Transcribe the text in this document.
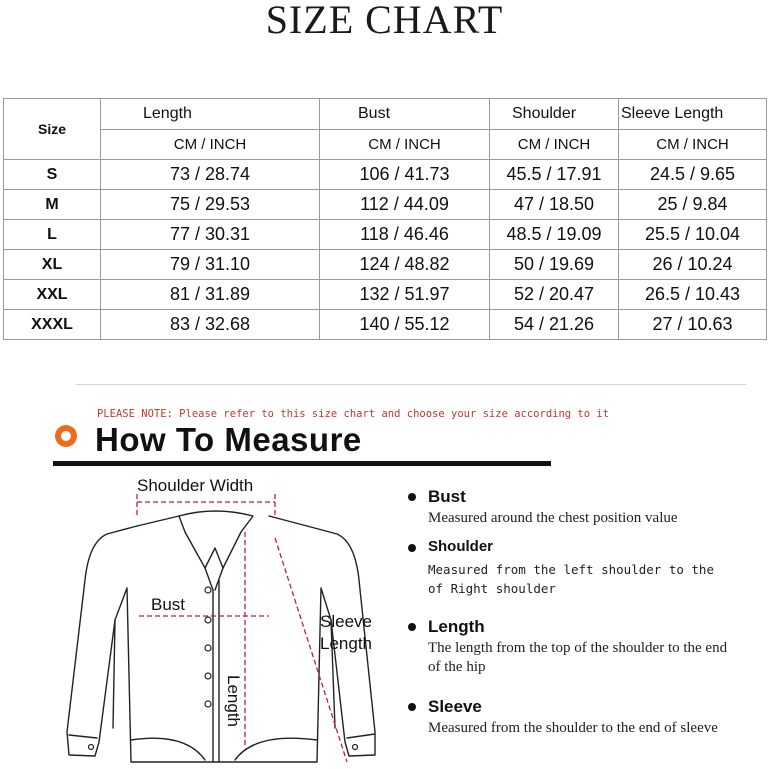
SIZE CHART
Size	Length	Bust	Shoulder	Sleeve Length
	CM / INCH	CM / INCH	CM / INCH	CM / INCH
S	73 / 28.74	106 / 41.73	45.5 / 17.91	24.5 / 9.65
M	75 / 29.53	112 / 44.09	47 / 18.50	25 / 9.84
L	77 / 30.31	118 / 46.46	48.5 / 19.09	25.5 / 10.04
XL	79 / 31.10	124 / 48.82	50 / 19.69	26 / 10.24
XXL	81 / 31.89	132 / 51.97	52 / 20.47	26.5 / 10.43
XXXL	83 / 32.68	140 / 55.12	54 / 21.26	27 / 10.63
PLEASE NOTE: Please refer to this size chart and choose your size according to it
How To Measure
Shoulder Width
Bust
Sleeve
Length
Length
Bust
Measured around the chest position value
Shoulder
Measured from the left shoulder to the of Right shoulder
Length
The length from the top of the shoulder to the end of the hip
Sleeve
Measured from the shoulder to the end of sleeve
